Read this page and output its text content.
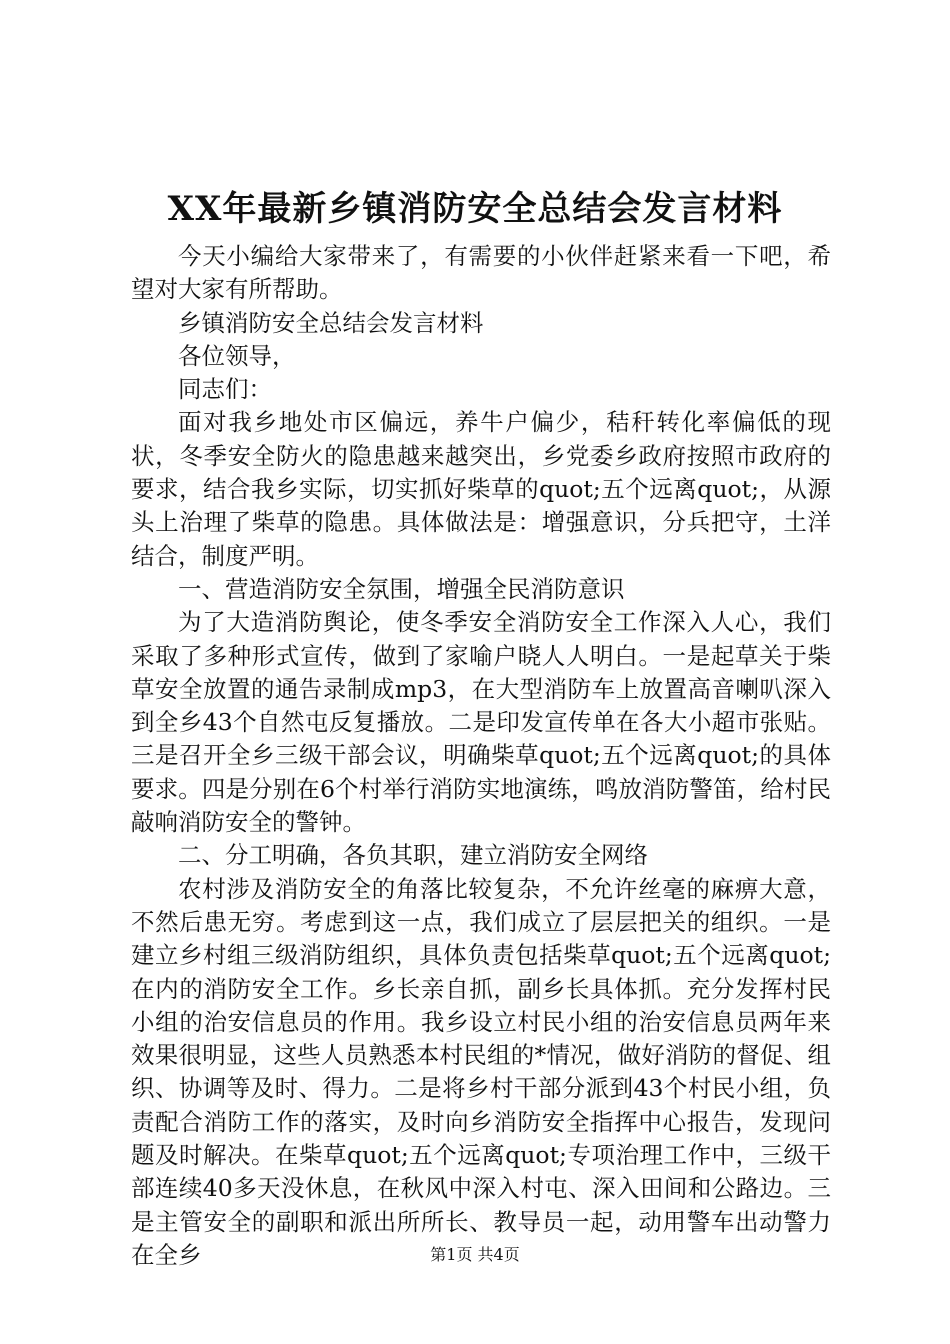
XX年最新乡镇消防安全总结会发言材料

今天小编给大家带来了，有需要的小伙伴赶紧来看一下吧，希望对大家有所帮助。

乡镇消防安全总结会发言材料

各位领导，

同志们：

面对我乡地处市区偏远，养牛户偏少，秸秆转化率偏低的现状，冬季安全防火的隐患越来越突出，乡党委乡政府按照市政府的要求，结合我乡实际，切实抓好柴草的quot;五个远离quot;，从源头上治理了柴草的隐患。具体做法是：增强意识，分兵把守，土洋结合，制度严明。

一、营造消防安全氛围，增强全民消防意识

为了大造消防舆论，使冬季安全消防安全工作深入人心，我们采取了多种形式宣传，做到了家喻户晓人人明白。一是起草关于柴草安全放置的通告录制成mp3，在大型消防车上放置高音喇叭深入到全乡43个自然屯反复播放。二是印发宣传单在各大小超市张贴。三是召开全乡三级干部会议，明确柴草quot;五个远离quot;的具体要求。四是分别在6个村举行消防实地演练，鸣放消防警笛，给村民敲响消防安全的警钟。

二、分工明确，各负其职，建立消防安全网络

农村涉及消防安全的角落比较复杂，不允许丝毫的麻痹大意，不然后患无穷。考虑到这一点，我们成立了层层把关的组织。一是建立乡村组三级消防组织，具体负责包括柴草quot;五个远离quot;在内的消防安全工作。乡长亲自抓，副乡长具体抓。充分发挥村民小组的治安信息员的作用。我乡设立村民小组的治安信息员两年来效果很明显，这些人员熟悉本村民组的*情况，做好消防的督促、组织、协调等及时、得力。二是将乡村干部分派到43个村民小组，负责配合消防工作的落实，及时向乡消防安全指挥中心报告，发现问题及时解决。在柴草quot;五个远离quot;专项治理工作中，三级干部连续40多天没休息，在秋风中深入村屯、深入田间和公路边。三是主管安全的副职和派出所所长、教导员一起，动用警车出动警力在全乡	第1页 共4页
